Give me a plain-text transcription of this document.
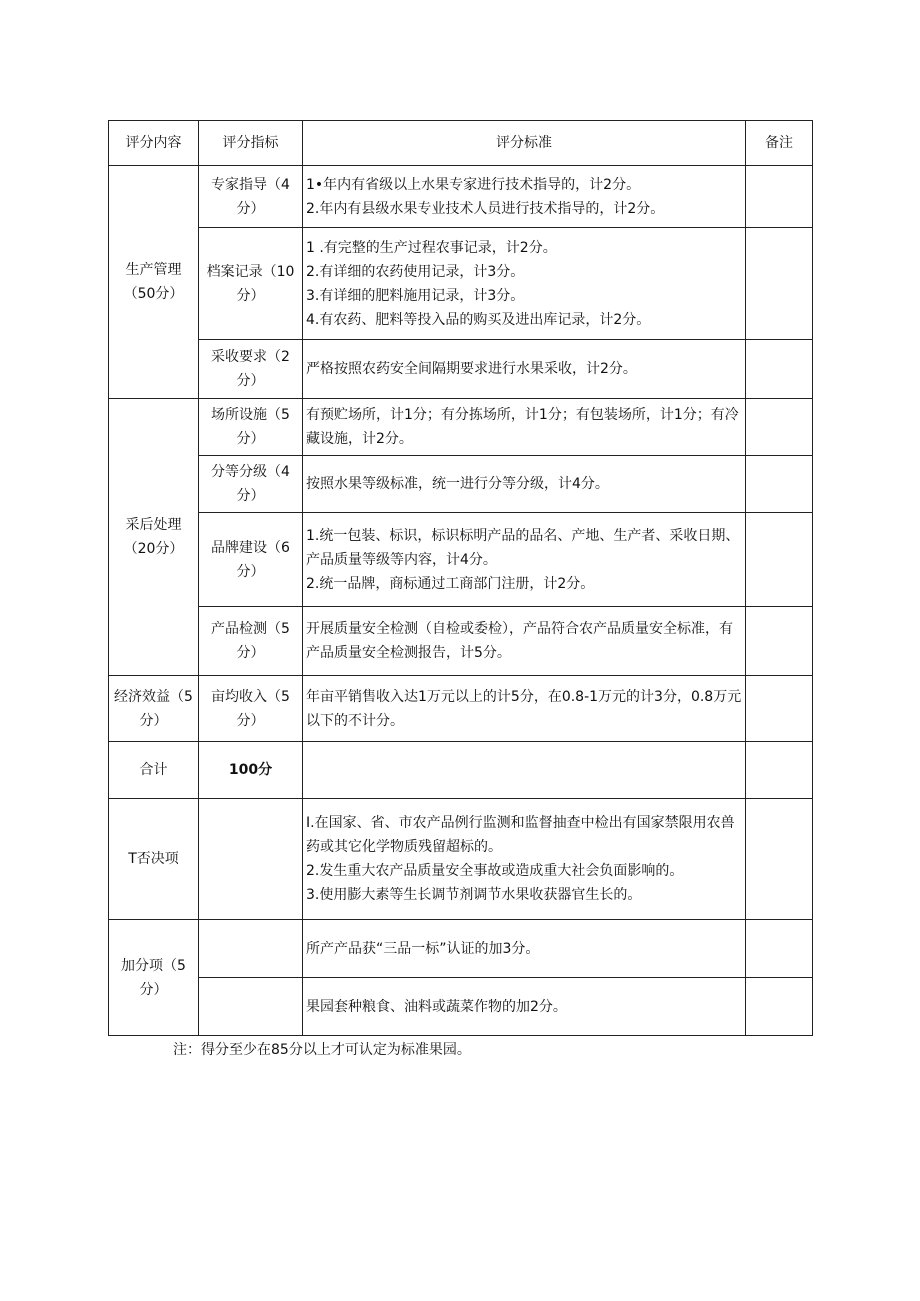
评分内容	评分指标	评分标准	备注
生产管理（50分）	专家指导（4分）	1•年内有省级以上水果专家进行技术指导的，计2分。
2.年内有县级水果专业技术人员进行技术指导的，计2分。	

	档案记录（10分）	1 .有完整的生产过程农事记录，计2分。
2.有详细的农药使用记录，计3分。
3.有详细的肥料施用记录，计3分。
4.有农药、肥料等投入品的购买及进出库记录，计2分。	

	采收要求（2分）	严格按照农药安全间隔期要求进行水果采收，计2分。	
采后处理（20分）	场所设施（5分）	有预贮场所，计1分；有分拣场所，计1分；有包装场所，计1分；有冷藏设施，计2分。	
	分等分级（4分）	按照水果等级标准，统一进行分等分级，计4分。	
	品牌建设（6分）	1.统一包装、标识，标识标明产品的品名、产地、生产者、采收日期、产品质量等级等内容，计4分。
2.统一品牌，商标通过工商部门注册，计2分。	

	产品检测（5分）	开展质量安全检测（自检或委检），产品符合农产品质量安全标准，有产品质量安全检测报告，计5分。	
经济效益（5分）	亩均收入（5分）	年亩平销售收入达1万元以上的计5分，在0.8-1万元的计3分，0.8万元以下的不计分。	
合计	100分		
T否决项		I.在国家、省、市农产品例行监测和监督抽查中检出有国家禁限用农兽药或其它化学物质残留超标的。
2.发生重大农产品质量安全事故或造成重大社会负面影响的。
3.使用膨大素等生长调节剂调节水果收获器官生长的。	

加分项（5分）		所产产品获“三品一标”认证的加3分。	
		果园套种粮食、油料或蔬菜作物的加2分。	
注：得分至少在85分以上才可认定为标准果园。
